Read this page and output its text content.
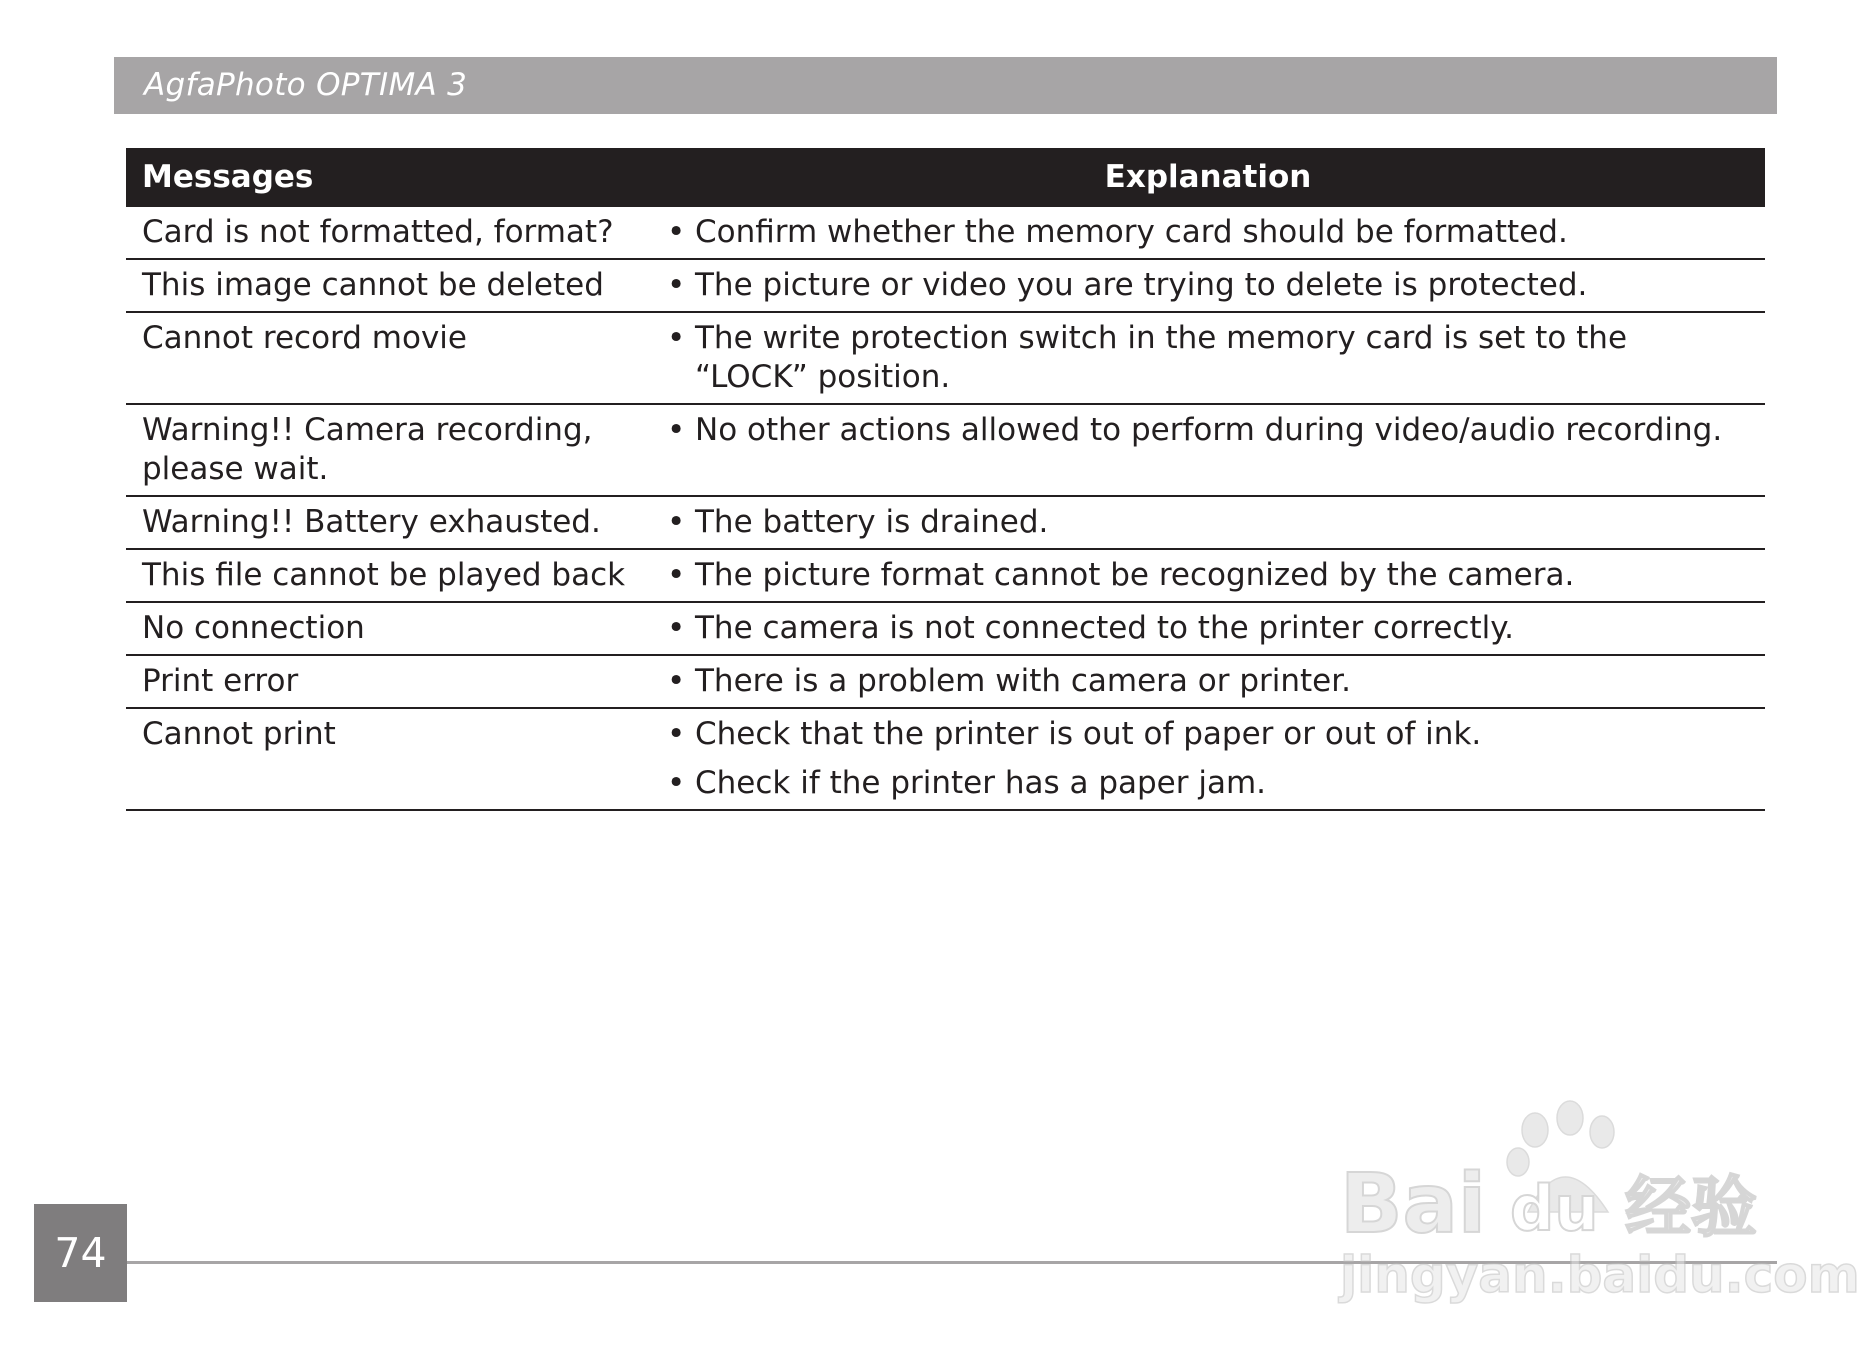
AgfaPhoto OPTIMA 3
Messages	Explanation
Card is not formatted, format?	• Confirm whether the memory card should be formatted.

This image cannot be deleted	• The picture or video you are trying to delete is protected.

Cannot record movie	• The write protection switch in the memory card is set to the “LOCK” position.

Warning!! Camera recording, please wait.	• No other actions allowed to perform during video/audio recording.

Warning!! Battery exhausted.	• The battery is drained.

This file cannot be played back	• The picture format cannot be recognized by the camera.

No connection	• The camera is not connected to the printer correctly.

Print error	• There is a problem with camera or printer.

Cannot print	• Check that the printer is out of paper or out of ink.
• Check if the printer has a paper jam.
74
Bai du 经验
jingyan.baidu.com
